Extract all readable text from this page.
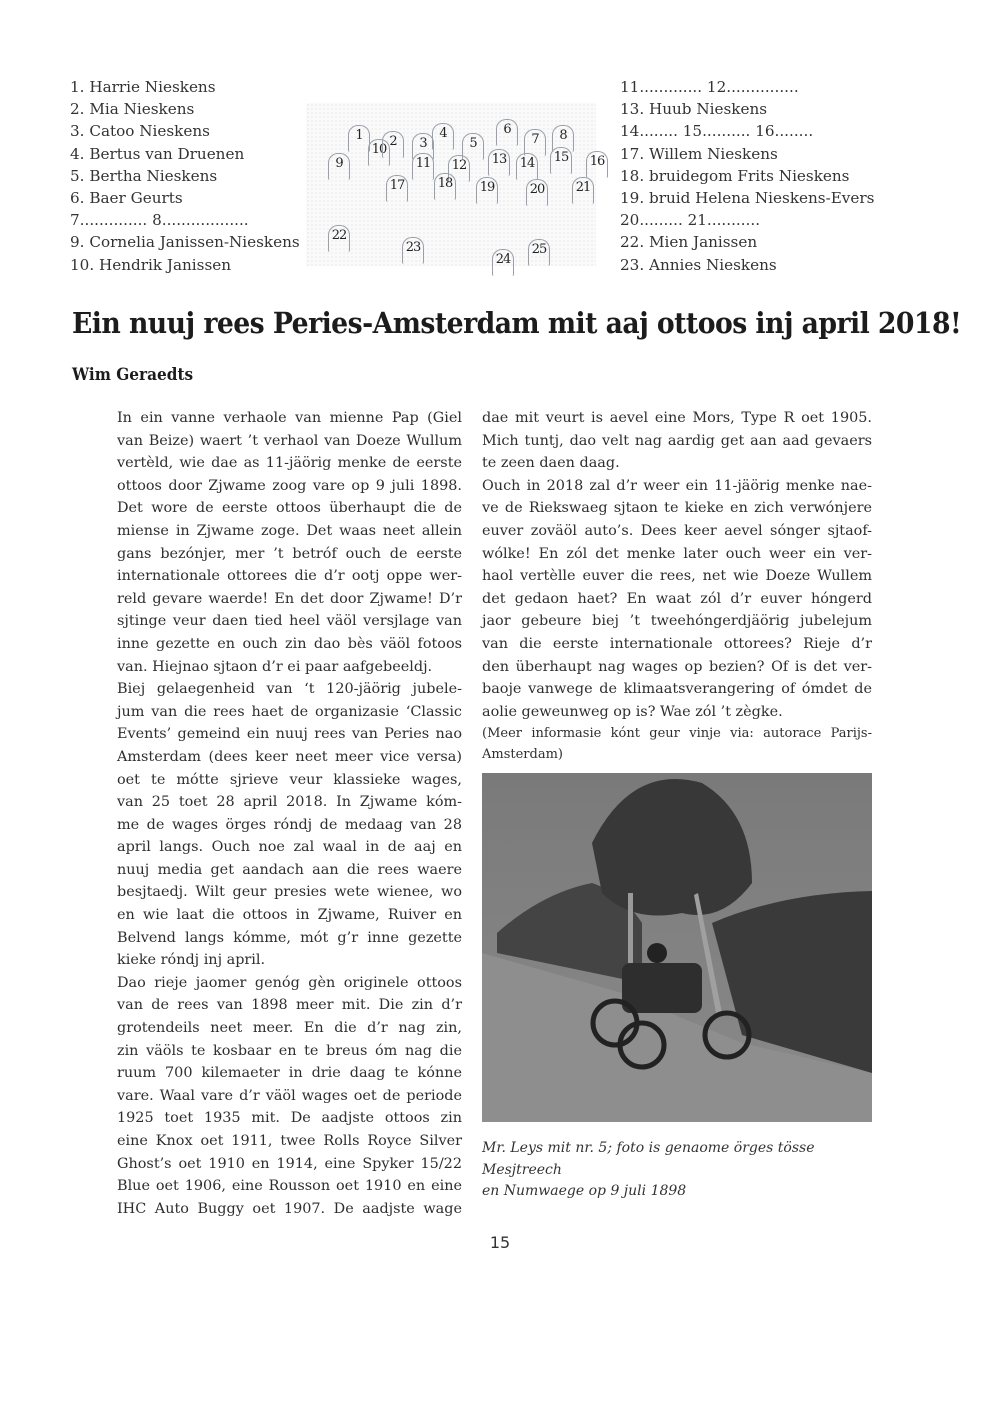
1. Harrie Nieskens
2. Mia Nieskens
3. Catoo Nieskens
4. Bertus van Druenen
5. Bertha Nieskens
6. Baer Geurts
7.............. 8..................
9. Cornelia Janissen-Nieskens
10. Hendrik Janissen
1
10
2	3
4
5
6
7	8
9	11 12 13 14 15 16
17	18 19	20 21
22
23
24
25
11............. 12...............
13. Huub Nieskens
14........ 15.......... 16........
17. Willem Nieskens
18. bruidegom Frits Nieskens
19. bruid Helena Nieskens-Evers
20......... 21...........
22. Mien Janissen
23. Annies Nieskens
Ein nuuj rees Peries-Amsterdam mit aaj ottoos inj april 2018!
Wim Geraedts
In ein vanne verhaole van mienne Pap (Giel
van Beize) waert ’t verhaol van Doeze Wullum
vertèld, wie dae as 11-jäörig menke de eerste
ottoos door Zjwame zoog vare op 9 juli 1898.
Det wore de eerste ottoos überhaupt die de
miense in Zjwame zoge. Det waas neet allein
gans bezónjer, mer ’t betróf ouch de eerste
internationale ottorees die d’r ootj oppe wer-
reld gevare waerde! En det door Zjwame! D’r
sjtinge veur daen tied heel väöl versjlage van
inne gezette en ouch zin dao bès väöl fotoos
van. Hiejnao sjtaon d’r ei paar aafgebeeldj.
Biej gelaegenheid van ‘t 120-jäörig jubele-
jum van die rees haet de organizasie ‘Classic
Events’ gemeind ein nuuj rees van Peries nao
Amsterdam (dees keer neet meer vice versa)
oet te mótte sjrieve veur klassieke wages,
van 25 toet 28 april 2018. In Zjwame kóm-
me de wages örges róndj de medaag van 28
april langs. Ouch noe zal waal in de aaj en
nuuj media get aandach aan die rees waere
besjtaedj. Wilt geur presies wete wienee, wo
en wie laat die ottoos in Zjwame, Ruiver en
Belvend langs kómme, mót g’r inne gezette
kieke róndj inj april.
Dao rieje jaomer genóg gèn originele ottoos
van de rees van 1898 meer mit. Die zin d’r
grotendeils neet meer. En die d’r nag zin,
zin väöls te kosbaar en te breus óm nag die
ruum 700 kilemaeter in drie daag te kónne
vare. Waal vare d’r väöl wages oet de periode
1925 toet 1935 mit. De aadjste ottoos zin
eine Knox oet 1911, twee Rolls Royce Silver
Ghost’s oet 1910 en 1914, eine Spyker 15/22
Blue oet 1906, eine Rousson oet 1910 en eine
IHC Auto Buggy oet 1907. De aadjste wage
dae mit veurt is aevel eine Mors, Type R oet 1905.
Mich tuntj, dao velt nag aardig get aan aad gevaers
te zeen daen daag.
Ouch in 2018 zal d’r weer ein 11-jäörig menke nae-
ve de Riekswaeg sjtaon te kieke en zich verwónjere
euver zoväöl auto’s. Dees keer aevel sónger sjtaof-
wólke! En zól det menke later ouch weer ein ver-
haol vertèlle euver die rees, net wie Doeze Wullem
det gedaon haet? En waat zól d’r euver hóngerd
jaor gebeure biej ’t tweehóngerdjäörig jubelejum
van die eerste internationale ottorees? Rieje d’r
den überhaupt nag wages op bezien? Of is det ver-
baoje vanwege de klimaatsverangering of ómdet de
aolie geweunweg op is? Wae zól ’t zègke.
(Meer informasie kónt geur vinje via: autorace Parijs-
Amsterdam)
Mr. Leys mit nr. 5; foto is genaome örges tösse Mesjtreech
en Numwaege op 9 juli 1898
15
